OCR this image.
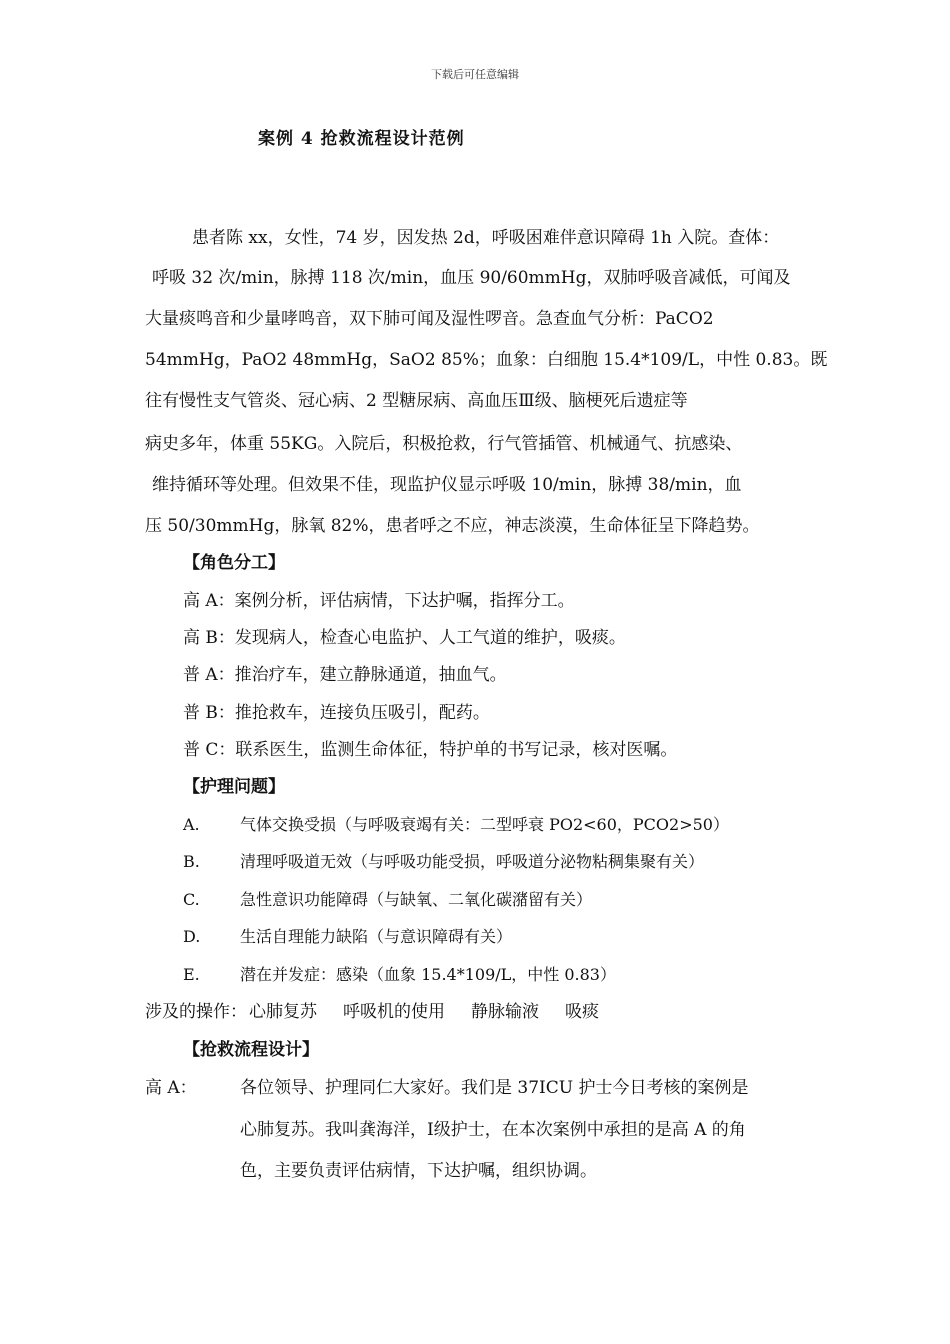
下载后可任意编辑
案例 4 抢救流程设计范例
患者陈 xx，女性，74 岁，因发热 2d，呼吸困难伴意识障碍 1h 入院。查体：
呼吸 32 次/min，脉搏 118 次/min，血压 90/60mmHg，双肺呼吸音减低，可闻及
大量痰鸣音和少量哮鸣音，双下肺可闻及湿性啰音。急查血气分析：PaCO2
54mmHg，PaO2 48mmHg，SaO2 85%；血象：白细胞 15.4*109/L，中性 0.83。既
往有慢性支气管炎、冠心病、2 型糖尿病、高血压Ⅲ级、脑梗死后遗症等
病史多年，体重 55KG。入院后，积极抢救，行气管插管、机械通气、抗感染、
维持循环等处理。但效果不佳，现监护仪显示呼吸 10/min，脉搏 38/min，血
压 50/30mmHg，脉氧 82%，患者呼之不应，神志淡漠，生命体征呈下降趋势。
【角色分工】
高 A：案例分析，评估病情，下达护嘱，指挥分工。
高 B：发现病人，检查心电监护、人工气道的维护，吸痰。
普 A：推治疗车，建立静脉通道，抽血气。
普 B：推抢救车，连接负压吸引，配药。
普 C：联系医生，监测生命体征，特护单的书写记录，核对医嘱。
【护理问题】
A.	气体交换受损（与呼吸衰竭有关：二型呼衰 PO2<60，PCO2>50）
B.	清理呼吸道无效（与呼吸功能受损，呼吸道分泌物粘稠集聚有关）
C.	急性意识功能障碍（与缺氧、二氧化碳潴留有关）
D. 生活自理能力缺陷（与意识障碍有关）
E.	潜在并发症：感染（血象 15.4*109/L，中性 0.83）
涉及的操作： 心肺复苏 呼吸机的使用 静脉输液 吸痰
【抢救流程设计】
高 A：	各位领导、护理同仁大家好。我们是 37ICU 护士今日考核的案例是
心肺复苏。我叫龚海洋，Ⅰ级护士，在本次案例中承担的是高 A 的角
色，主要负责评估病情，下达护嘱，组织协调。
